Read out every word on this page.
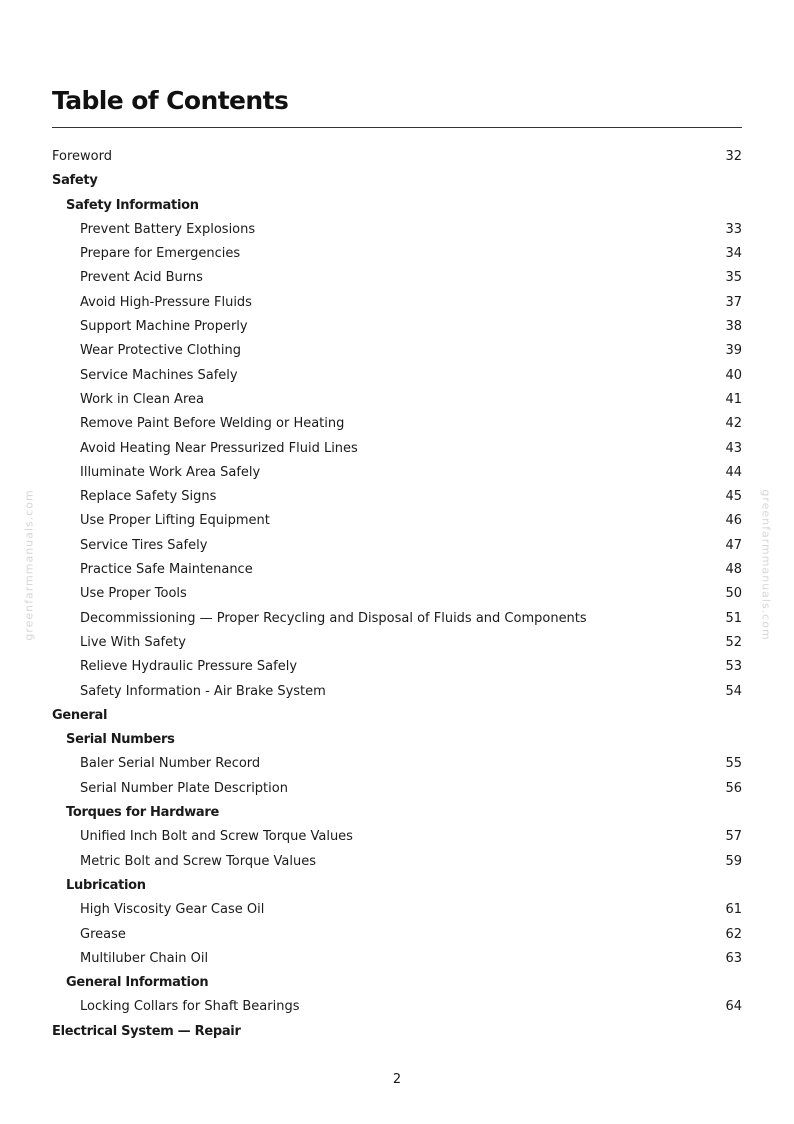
greenfarmmanuals.com	greenfarmmanuals.com
Table of Contents
Foreword	32
Safety
Safety Information
Prevent Battery Explosions	33
Prepare for Emergencies	34
Prevent Acid Burns	35
Avoid High-Pressure Fluids	37
Support Machine Properly	38
Wear Protective Clothing	39
Service Machines Safely	40
Work in Clean Area	41
Remove Paint Before Welding or Heating	42
Avoid Heating Near Pressurized Fluid Lines	43
Illuminate Work Area Safely	44
Replace Safety Signs	45
Use Proper Lifting Equipment	46
Service Tires Safely	47
Practice Safe Maintenance	48
Use Proper Tools	50
Decommissioning — Proper Recycling and Disposal of Fluids and Components	51
Live With Safety	52
Relieve Hydraulic Pressure Safely	53
Safety Information - Air Brake System	54
General
Serial Numbers
Baler Serial Number Record	55
Serial Number Plate Description	56
Torques for Hardware
Unified Inch Bolt and Screw Torque Values	57
Metric Bolt and Screw Torque Values	59
Lubrication
High Viscosity Gear Case Oil	61
Grease	62
Multiluber Chain Oil	63
General Information
Locking Collars for Shaft Bearings	64
Electrical System — Repair
2
